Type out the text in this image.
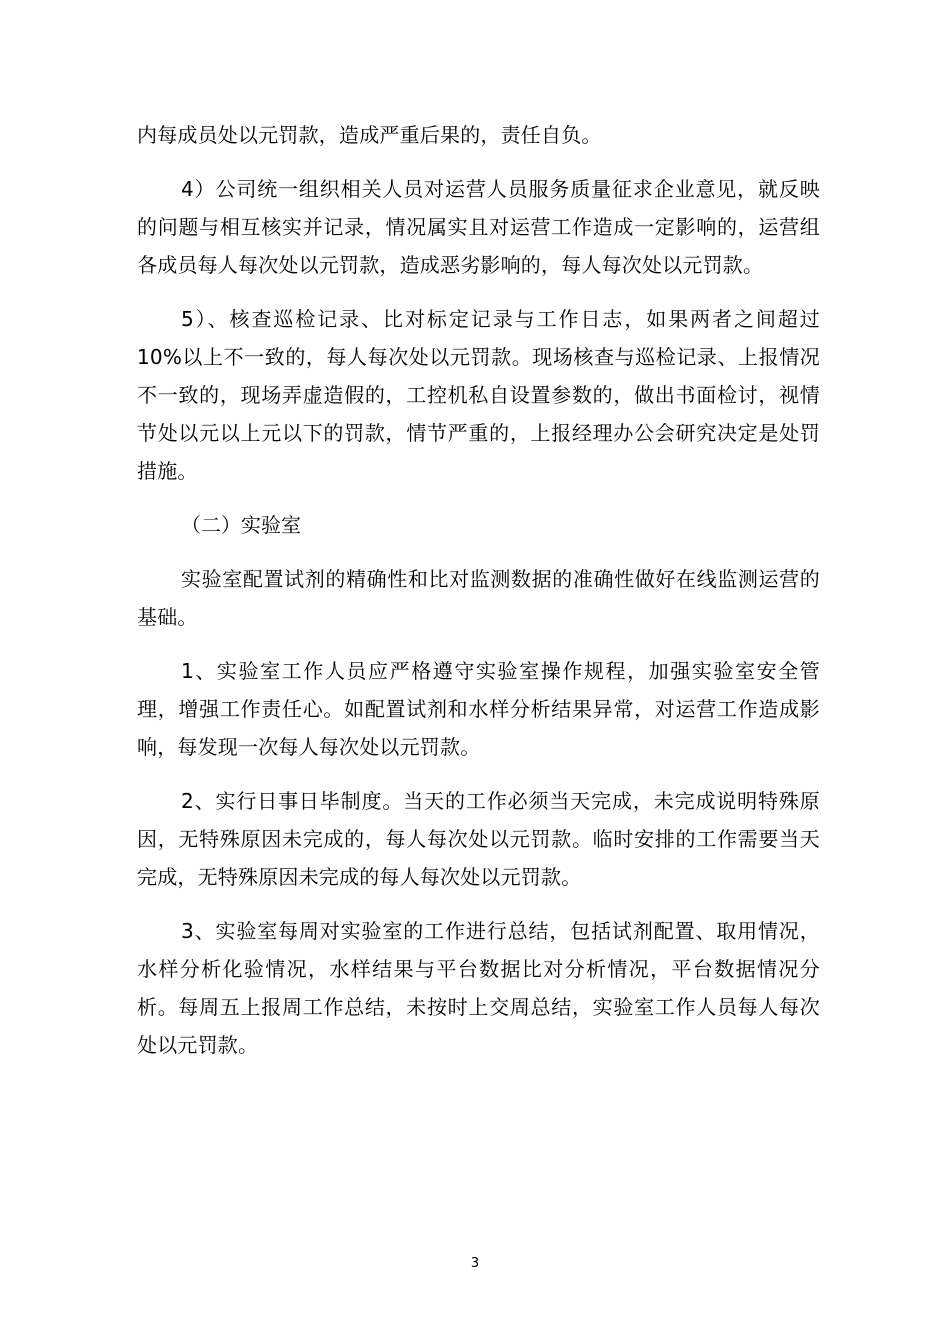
内每成员处以元罚款，造成严重后果的，责任自负。

4）公司统一组织相关人员对运营人员服务质量征求企业意见，就反映的问题与相互核实并记录，情况属实且对运营工作造成一定影响的，运营组各成员每人每次处以元罚款，造成恶劣影响的，每人每次处以元罚款。

5）、核查巡检记录、比对标定记录与工作日志，如果两者之间超过 10%以上不一致的，每人每次处以元罚款。现场核查与巡检记录、上报情况不一致的，现场弄虚造假的，工控机私自设置参数的，做出书面检讨，视情节处以元以上元以下的罚款，情节严重的，上报经理办公会研究决定是处罚措施。

（二）实验室

实验室配置试剂的精确性和比对监测数据的准确性做好在线监测运营的基础。

1、实验室工作人员应严格遵守实验室操作规程，加强实验室安全管理，增强工作责任心。如配置试剂和水样分析结果异常，对运营工作造成影响，每发现一次每人每次处以元罚款。

2、实行日事日毕制度。当天的工作必须当天完成，未完成说明特殊原因，无特殊原因未完成的，每人每次处以元罚款。临时安排的工作需要当天完成，无特殊原因未完成的每人每次处以元罚款。

3、实验室每周对实验室的工作进行总结，包括试剂配置、取用情况，水样分析化验情况，水样结果与平台数据比对分析情况，平台数据情况分析。每周五上报周工作总结，未按时上交周总结，实验室工作人员每人每次处以元罚款。

3
